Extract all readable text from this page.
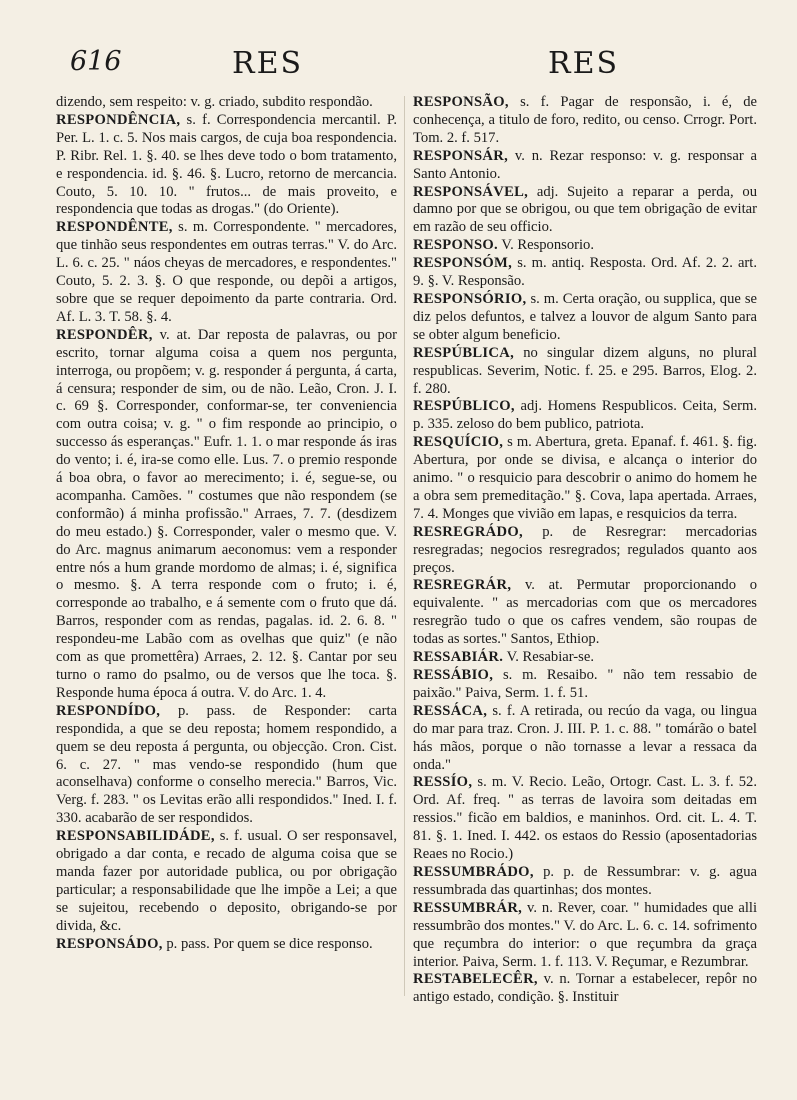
616	RES	RES

dizendo, sem respeito: v. g. criado, subdito respondão.

RESPONDÊNCIA, s. f. Correspondencia mercantil. P. Per. L. 1. c. 5. Nos mais cargos, de cuja boa respondencia. P. Ribr. Rel. 1. §. 40. se lhes deve todo o bom tratamento, e respondencia. id. §. 46. §. Lucro, retorno de mercancia. Couto, 5. 10. 10. " frutos... de mais proveito, e respondencia que todas as drogas." (do Oriente).

RESPONDÊNTE, s. m. Correspondente. " mercadores, que tinhão seus respondentes em outras terras." V. do Arc. L. 6. c. 25. " náos cheyas de mercadores, e respondentes." Couto, 5. 2. 3. §. O que responde, ou depõi a artigos, sobre que se requer depoimento da parte contraria. Ord. Af. L. 3. T. 58. §. 4.

RESPONDÊR, v. at. Dar reposta de palavras, ou por escrito, tornar alguma coisa a quem nos pergunta, interroga, ou propõem; v. g. responder á pergunta, á carta, á censura; responder de sim, ou de não. Leão, Cron. J. I. c. 69 §. Corresponder, conformar-se, ter conveniencia com outra coisa; v. g. " o fim responde ao principio, o successo ás esperanças." Eufr. 1. 1. o mar responde ás iras do vento; i. é, ira-se como elle. Lus. 7. o premio responde á boa obra, o favor ao merecimento; i. é, segue-se, ou acompanha. Camões. " costumes que não respondem (se conformão) á minha profissão." Arraes, 7. 7. (desdizem do meu estado.) §. Corresponder, valer o mesmo que. V. do Arc. magnus animarum aeconomus: vem a responder entre nós a hum grande mordomo de almas; i. é, significa o mesmo. §. A terra responde com o fruto; i. é, corresponde ao trabalho, e á semente com o fruto que dá. Barros, responder com as rendas, pagalas. id. 2. 6. 8. " respondeu-me Labão com as ovelhas que quiz" (e não com as que promettêra) Arraes, 2. 12. §. Cantar por seu turno o ramo do psalmo, ou de versos que lhe toca. §. Responde huma época á outra. V. do Arc. 1. 4.

RESPONDÍDO, p. pass. de Responder: carta respondida, a que se deu reposta; homem respondido, a quem se deu reposta á pergunta, ou objecção. Cron. Cist. 6. c. 27. " mas vendo-se respondido (hum que aconselhava) conforme o conselho merecia." Barros, Vic. Verg. f. 283. " os Levitas erão alli respondidos." Ined. I. f. 330. acabarão de ser respondidos.

RESPONSABILIDÁDE, s. f. usual. O ser responsavel, obrigado a dar conta, e recado de alguma coisa que se manda fazer por autoridade publica, ou por obrigação particular; a responsabilidade que lhe impõe a Lei; a que se sujeitou, recebendo o deposito, obrigando-se por divida, &c.

RESPONSÁDO, p. pass. Por quem se dice responso.

RESPONSÃO, s. f. Pagar de responsão, i. é, de conhecença, a titulo de foro, redito, ou censo. Crrogr. Port. Tom. 2. f. 517.

RESPONSÁR, v. n. Rezar responso: v. g. responsar a Santo Antonio.

RESPONSÁVEL, adj. Sujeito a reparar a perda, ou damno por que se obrigou, ou que tem obrigação de evitar em razão de seu officio.

RESPONSO. V. Responsorio.

RESPONSÓM, s. m. antiq. Resposta. Ord. Af. 2. 2. art. 9. §. V. Responsão.

RESPONSÓRIO, s. m. Certa oração, ou supplica, que se diz pelos defuntos, e talvez a louvor de algum Santo para se obter algum beneficio.

RESPÚBLICA, no singular dizem alguns, no plural respublicas. Severim, Notic. f. 25. e 295. Barros, Elog. 2. f. 280.

RESPÚBLICO, adj. Homens Respublicos. Ceita, Serm. p. 335. zeloso do bem publico, patriota.

RESQUÍCIO, s m. Abertura, greta. Epanaf. f. 461. §. fig. Abertura, por onde se divisa, e alcança o interior do animo. " o resquicio para descobrir o animo do homem he a obra sem premeditação." §. Cova, lapa apertada. Arraes, 7. 4. Monges que vivião em lapas, e resquicios da terra.

RESREGRÁDO, p. de Resregrar: mercadorias resregradas; negocios resregrados; regulados quanto aos preços.

RESREGRÁR, v. at. Permutar proporcionando o equivalente. " as mercadorias com que os mercadores resregrão tudo o que os cafres vendem, são roupas de todas as sortes." Santos, Ethiop.

RESSABIÁR. V. Resabiar-se.

RESSÁBIO, s. m. Resaibo. " não tem ressabio de paixão." Paiva, Serm. 1. f. 51.

RESSÁCA, s. f. A retirada, ou recúo da vaga, ou lingua do mar para traz. Cron. J. III. P. 1. c. 88. " tomárão o batel hás mãos, porque o não tornasse a levar a ressaca da onda."

RESSÍO, s. m. V. Recio. Leão, Ortogr. Cast. L. 3. f. 52. Ord. Af. freq. " as terras de lavoira som deitadas em ressios." ficão em baldios, e maninhos. Ord. cit. L. 4. T. 81. §. 1. Ined. I. 442. os estaos do Ressio (aposentadorias Reaes no Rocio.)

RESSUMBRÁDO, p. p. de Ressumbrar: v. g. agua ressumbrada das quartinhas; dos montes.

RESSUMBRÁR, v. n. Rever, coar. " humidades que alli ressumbrão dos montes." V. do Arc. L. 6. c. 14. sofrimento que reçumbra do interior: o que reçumbra da graça interior. Paiva, Serm. 1. f. 113. V. Reçumar, e Rezumbrar.

RESTABELECÊR, v. n. Tornar a estabelecer, repôr no antigo estado, condição. §. Instituir
